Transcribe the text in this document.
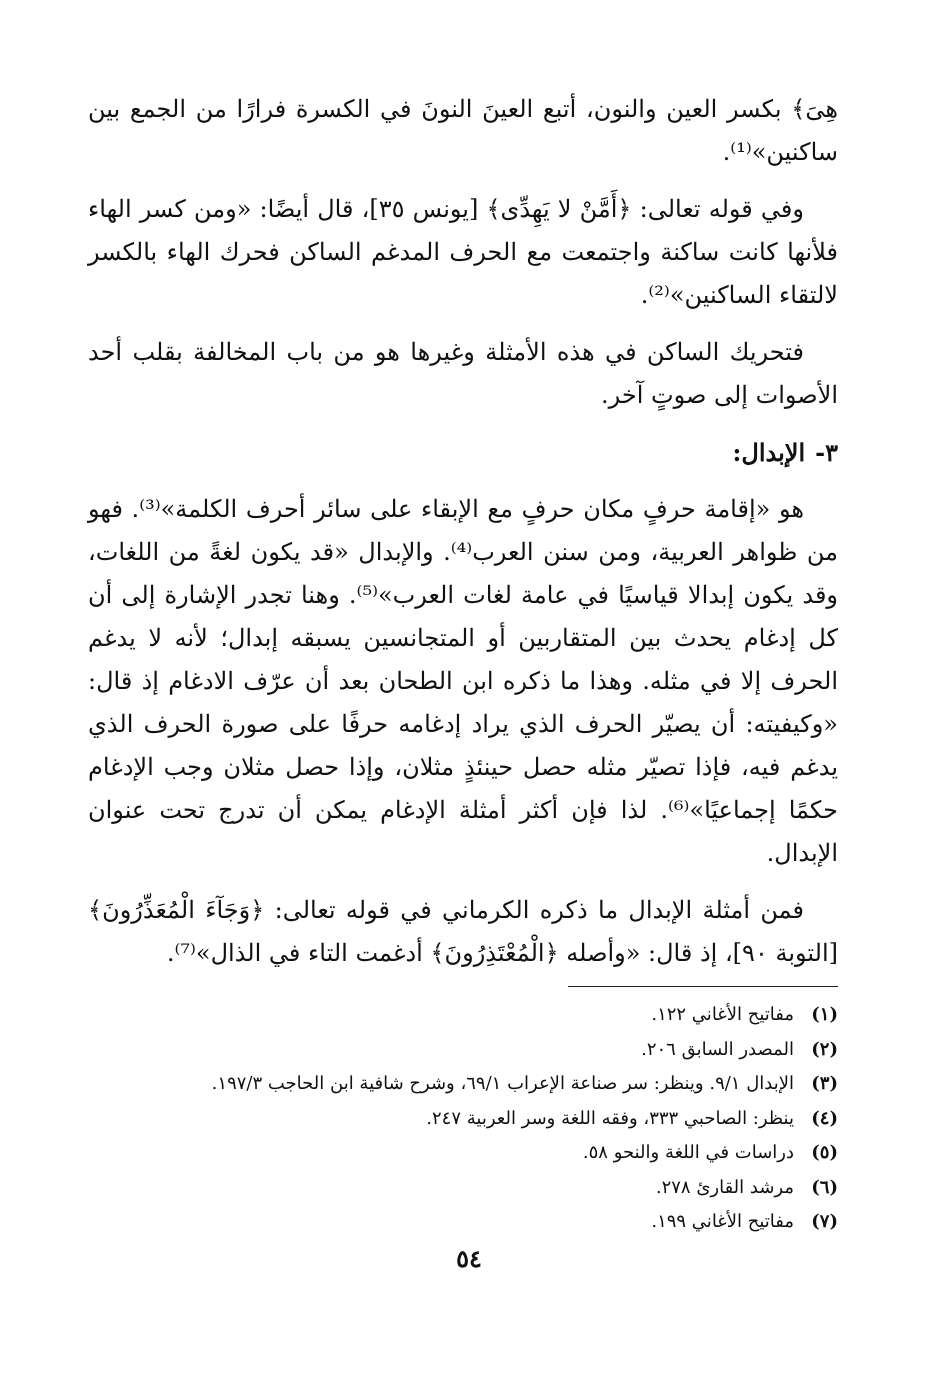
هِىَ﴾ بكسر العين والنون، أتبع العينَ النونَ في الكسرة فرارًا من الجمع بين ساكنين»⁽¹⁾.

وفي قوله تعالى: ﴿أَمَّنْ لا يَهِدِّى﴾ [يونس ٣٥]، قال أيضًا: «ومن كسر الهاء فلأنها كانت ساكنة واجتمعت مع الحرف المدغم الساكن فحرك الهاء بالكسر لالتقاء الساكنين»⁽²⁾.

فتحريك الساكن في هذه الأمثلة وغيرها هو من باب المخالفة بقلب أحد الأصوات إلى صوتٍ آخر.

٣-الإبدال:

هو «إقامة حرفٍ مكان حرفٍ مع الإبقاء على سائر أحرف الكلمة»⁽³⁾. فهو من ظواهر العربية، ومن سنن العرب⁽⁴⁾. والإبدال «قد يكون لغةً من اللغات، وقد يكون إبدالا قياسيًا في عامة لغات العرب»⁽⁵⁾. وهنا تجدر الإشارة إلى أن كل إدغام يحدث بين المتقاربين أو المتجانسين يسبقه إبدال؛ لأنه لا يدغم الحرف إلا في مثله. وهذا ما ذكره ابن الطحان بعد أن عرّف الادغام إذ قال: «وكيفيته: أن يصيّر الحرف الذي يراد إدغامه حرفًا على صورة الحرف الذي يدغم فيه، فإذا تصيّر مثله حصل حينئذٍ مثلان، وإذا حصل مثلان وجب الإدغام حكمًا إجماعيًا»⁽⁶⁾. لذا فإن أكثر أمثلة الإدغام يمكن أن تدرج تحت عنوان الإبدال.

فمن أمثلة الإبدال ما ذكره الكرماني في قوله تعالى: ﴿وَجَآءَ الْمُعَذِّرُونَ﴾ [التوبة ٩٠]، إذ قال: «وأصله ﴿الْمُعْتَذِرُونَ﴾ أدغمت التاء في الذال»⁽⁷⁾.

(١)مفاتيح الأغاني ١٢٢.

(٢)المصدر السابق ٢٠٦.

(٣)الإبدال ٩/١. وينظر: سر صناعة الإعراب ٦٩/١، وشرح شافية ابن الحاجب ١٩٧/٣.

(٤)ينظر: الصاحبي ٣٣٣، وفقه اللغة وسر العربية ٢٤٧.

(٥)دراسات في اللغة والنحو ٥٨.

(٦)مرشد القارئ ٢٧٨.

(٧)مفاتيح الأغاني ١٩٩.

٥٤
